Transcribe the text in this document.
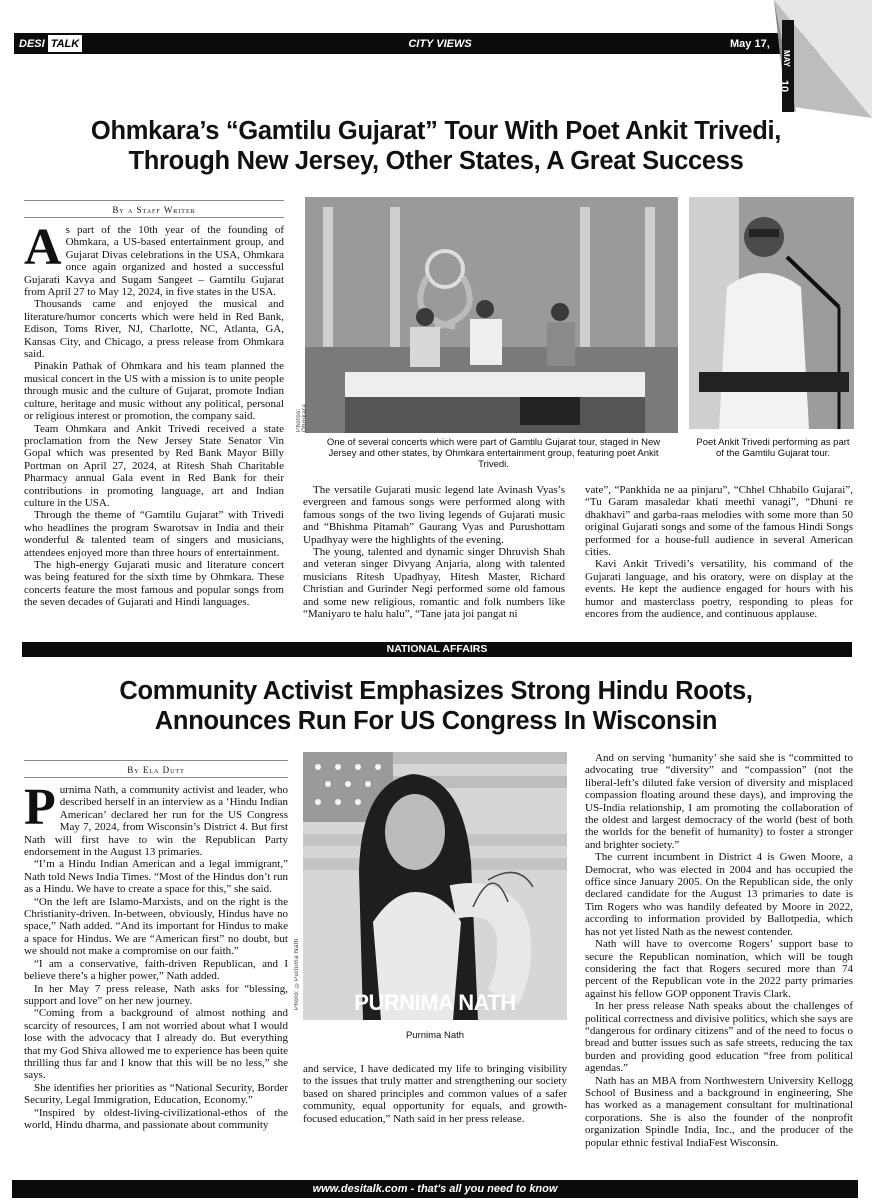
DESI TALK	CITY VIEWS	May 17,
10
MAY
Ohmkara’s “Gamtilu Gujarat” Tour With Poet Ankit Trivedi,
Through New Jersey, Other States, A Great Success
By a Staff Writer

As part of the 10th year of the founding of Ohmkara, a US-based entertainment group, and Gujarat Divas celebrations in the USA, Ohmkara once again organized and hosted a successful Gujarati Kavya and Sugam Sangeet – Gamtilu Gujarat from April 27 to May 12, 2024, in five states in the USA.

Thousands came and enjoyed the musical and literature/humor concerts which were held in Red Bank, Edison, Toms River, NJ, Charlotte, NC, Atlanta, GA, Kansas City, and Chicago, a press release from Ohmkara said.

Pinakin Pathak of Ohmkara and his team planned the musical concert in the US with a mission is to unite people through music and the culture of Gujarat, promote Indian culture, heritage and music without any political, personal or religious interest or promotion, the company said.

Team Ohmkara and Ankit Trivedi received a state proclamation from the New Jersey State Senator Vin Gopal which was presented by Red Bank Mayor Billy Portman on April 27, 2024, at Ritesh Shah Charitable Pharmacy annual Gala event in Red Bank for their contributions in promoting language, art and Indian culture in the USA.

Through the theme of “Gamtilu Gujarat” with Trivedi who headlines the program Swarotsav in India and their wonderful & talented team of singers and musicians, attendees enjoyed more than three hours of entertainment.

The high-energy Gujarati music and literature concert was being featured for the sixth time by Ohmkara. These concerts feature the most famous and popular songs from the seven decades of Gujarati and Hindi languages.

Photos: Ohmkara
One of several concerts which were part of Gamtilu Gujarat tour, staged in New Jersey and other states, by Ohmkara entertainment group, featuring poet Ankit Trivedi.
Poet Ankit Trivedi performing as part of the Gamtilu Gujarat tour.

The versatile Gujarati music legend late Avinash Vyas’s evergreen and famous songs were performed along with famous songs of the two living legends of Gujarati music and “Bhishma Pitamah” Gaurang Vyas and Purushottam Upadhyay were the highlights of the evening.

The young, talented and dynamic singer Dhruvish Shah and veteran singer Divyang Anjaria, along with talented musicians Ritesh Upadhyay, Hitesh Master, Richard Christian and Gurinder Negi performed some old famous and some new religious, romantic and folk numbers like “Maniyaro te halu halu”, “Tane jata joi pangat ni

vate”, “Pankhida ne aa pinjaru”, “Chhel Chhabilo Gujarai”, “Tu Garam masaledar khati meethi vanagi”, “Dhuni re dhakhavi” and garba-raas melodies with some more than 50 original Gujarati songs and some of the famous Hindi Songs performed for a house-full audience in several American cities.

Kavi Ankit Trivedi’s versatility, his command of the Gujarati language, and his oratory, were on display at the events. He kept the audience engaged for hours with his humor and masterclass poetry, responding to pleas for encores from the audience, and continuous applause.

NATIONAL AFFAIRS
Community Activist Emphasizes Strong Hindu Roots,
Announces Run For US Congress In Wisconsin
By Ela Dutt

Purnima Nath, a community activist and leader, who described herself in an interview as a ‘Hindu Indian American’ declared her run for the US Congress May 7, 2024, from Wisconsin’s District 4. But first Nath will first have to win the Republican Party endorsement in the August 13 primaries.

“I’m a Hindu Indian American and a legal immigrant,” Nath told News India Times. “Most of the Hindus don’t run as a Hindu. We have to create a space for this,” she said.

“On the left are Islamo-Marxists, and on the right is the Christianity-driven. In-between, obviously, Hindus have no space,” Nath added. “And its important for Hindus to make a space for Hindus. We are “American first” no doubt, but we should not make a compromise on our faith.”

“I am a conservative, faith-driven Republican, and I believe there’s a higher power,” Nath added.

In her May 7 press release, Nath asks for “blessing, support and love” on her new journey.

“Coming from a background of almost nothing and scarcity of resources, I am not worried about what I would lose with the advocacy that I already do. But everything that my God Shiva allowed me to experience has been quite thrilling thus far and I know that this will be no less,” she says.

She identifies her priorities as “National Security, Border Security, Legal Immigration, Education, Economy.”

“Inspired by oldest-living-civilizational-ethos of the world, Hindu dharma, and passionate about community

PURNIMA NATH
Photo: ©Purnima Nath
Purnima Nath

and service, I have dedicated my life to bringing visibility to the issues that truly matter and strengthening our society based on shared principles and common values of a safer community, equal opportunity for equals, and growth-focused education,” Nath said in her press release.

And on serving ‘humanity’ she said she is “committed to advocating true “diversity” and “compassion” (not the liberal-left’s diluted fake version of diversity and misplaced compassion floating around these days), and improving the US-India relationship, I am promoting the collaboration of the oldest and largest democracy of the world (best of both the worlds for the benefit of humanity) to foster a stronger and brighter society.”

The current incumbent in District 4 is Gwen Moore, a Democrat, who was elected in 2004 and has occupied the office since January 2005. On the Republican side, the only declared candidate for the August 13 primaries to date is Tim Rogers who was handily defeated by Moore in 2022, according to information provided by Ballotpedia, which has not yet listed Nath as the newest contender.

Nath will have to overcome Rogers’ support base to secure the Republican nomination, which will be tough considering the fact that Rogers secured more than 74 percent of the Republican vote in the 2022 party primaries against his fellow GOP opponent Travis Clark.

In her press release Nath speaks about the challenges of political correctness and divisive politics, which she says are “dangerous for ordinary citizens” and of the need to focus o bread and butter issues such as safe streets, reducing the tax burden and providing good education “free from political agendas.”

Nath has an MBA from Northwestern University Kellogg School of Business and a background in engineering, She has worked as a management consultant for multinational corporations. She is also the founder of the nonprofit organization Spindle India, Inc., and the producer of the popular ethnic festival IndiaFest Wisconsin.

www.desitalk.com - that's all you need to know
